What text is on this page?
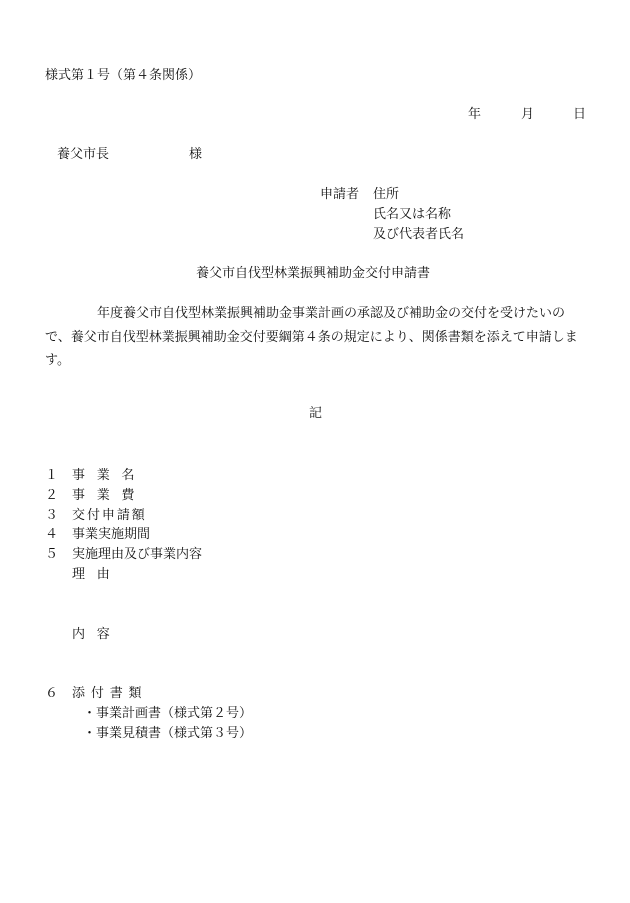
様式第１号（第４条関係）
年	月	日
養父市長	様
申請者 住所
氏名又は名称
及び代表者氏名
養父市自伐型林業振興補助金交付申請書
年度養父市自伐型林業振興補助金事業計画の承認及び補助金の交付を受けたいので、養父市自伐型林業振興補助金交付要綱第４条の規定により、関係書類を添えて申請します。
記
１ 事業名
２ 事業費
３ 交付申請額
４ 事業実施期間
５ 実施理由及び事業内容
理由
内容
６ 添付書類
・事業計画書（様式第２号）
・事業見積書（様式第３号）
